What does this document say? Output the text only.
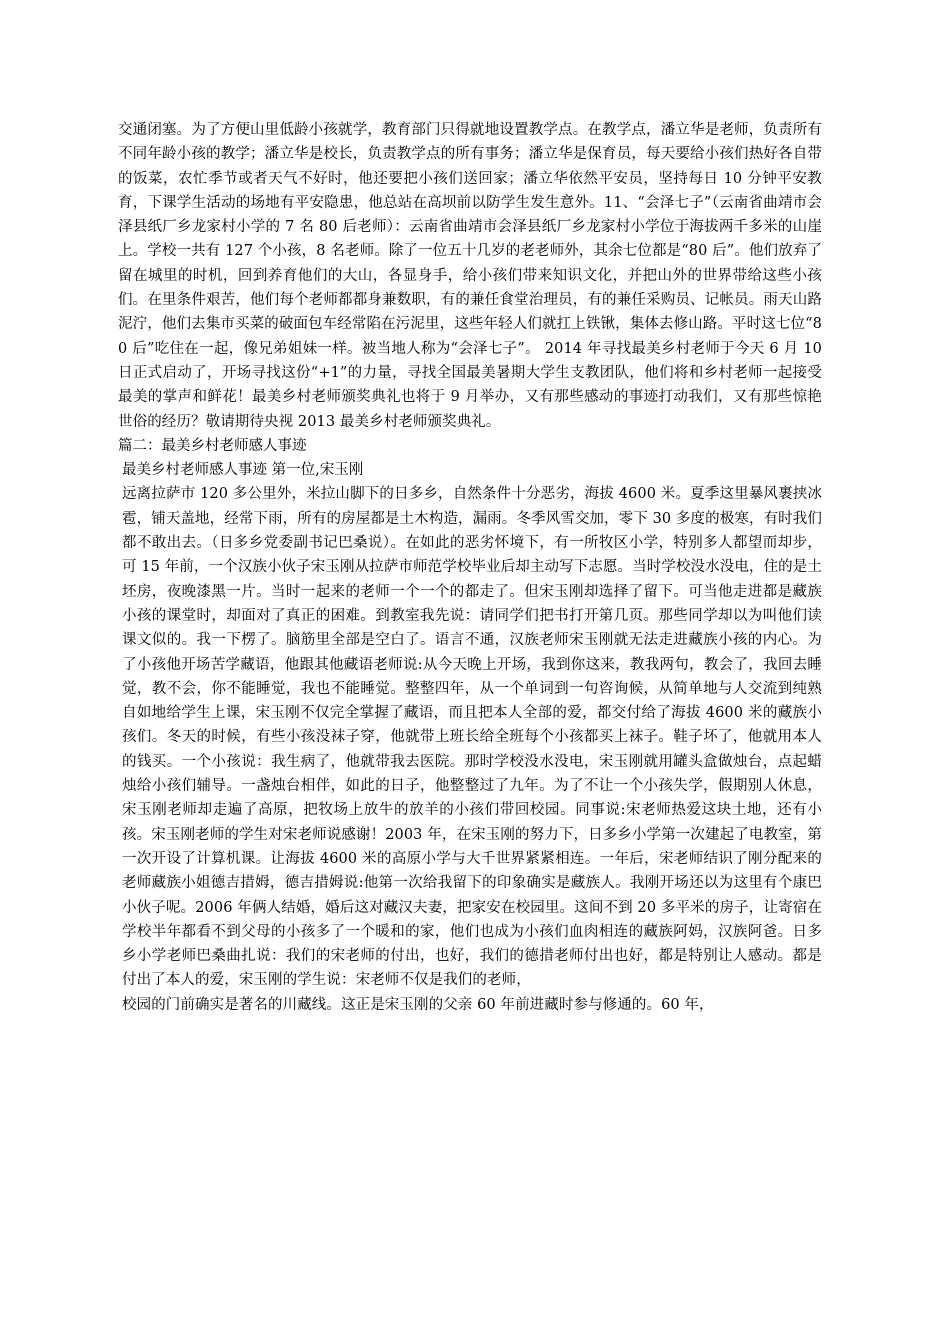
交通闭塞。为了方便山里低龄小孩就学，教育部门只得就地设置教学点。在教学点，潘立华是老师，负责所有不同年龄小孩的教学；潘立华是校长，负责教学点的所有事务；潘立华是保育员，每天要给小孩们热好各自带的饭菜，农忙季节或者天气不好时，他还要把小孩们送回家；潘立华依然平安员，坚持每日 10 分钟平安教育，下课学生活动的场地有平安隐患，他总站在高坝前以防学生发生意外。11、“会泽七子”（云南省曲靖市会泽县纸厂乡龙家村小学的 7 名 80 后老师）：云南省曲靖市会泽县纸厂乡龙家村小学位于海拔两千多米的山崖上。学校一共有 127 个小孩，8 名老师。除了一位五十几岁的老老师外，其余七位都是“80 后”。他们放弃了留在城里的时机，回到养育他们的大山，各显身手，给小孩们带来知识文化，并把山外的世界带给这些小孩们。在里条件艰苦，他们每个老师都都身兼数职，有的兼任食堂治理员，有的兼任采购员、记帐员。雨天山路泥泞，他们去集市买菜的破面包车经常陷在污泥里，这些年轻人们就扛上铁锹，集体去修山路。平时这七位“80 后”吃住在一起，像兄弟姐妹一样。被当地人称为“会泽七子”。 2014 年寻找最美乡村老师于今天 6 月 10 日正式启动了，开场寻找这份“+1”的力量，寻找全国最美暑期大学生支教团队，他们将和乡村老师一起接受最美的掌声和鲜花！最美乡村老师颁奖典礼也将于 9 月举办，又有那些感动的事迹打动我们，又有那些惊艳世俗的经历？敬请期待央视 2013 最美乡村老师颁奖典礼。

篇二：最美乡村老师感人事迹

最美乡村老师感人事迹 第一位,宋玉刚

远离拉萨市 120 多公里外，米拉山脚下的日多乡，自然条件十分恶劣，海拔 4600 米。夏季这里暴风裹挟冰雹，铺天盖地，经常下雨，所有的房屋都是土木构造，漏雨。冬季风雪交加，零下 30 多度的极寒，有时我们都不敢出去。（日多乡党委副书记巴桑说）。在如此的恶劣怀境下，有一所牧区小学，特别多人都望而却步，可 15 年前，一个汉族小伙子宋玉刚从拉萨市师范学校毕业后却主动写下志愿。当时学校没水没电，住的是土坯房，夜晚漆黑一片。当时一起来的老师一个一个的都走了。但宋玉刚却选择了留下。可当他走进都是藏族小孩的课堂时，却面对了真正的困难。到教室我先说：请同学们把书打开第几页。那些同学却以为叫他们读课文似的。我一下楞了。脑筋里全部是空白了。语言不通，汉族老师宋玉刚就无法走进藏族小孩的内心。为了小孩他开场苦学藏语，他跟其他藏语老师说:从今天晚上开场，我到你这来，教我两句，教会了，我回去睡觉，教不会，你不能睡觉，我也不能睡觉。整整四年，从一个单词到一句咨询候，从简单地与人交流到纯熟自如地给学生上课，宋玉刚不仅完全掌握了藏语，而且把本人全部的爱，都交付给了海拔 4600 米的藏族小孩们。冬天的时候，有些小孩没袜子穿，他就带上班长给全班每个小孩都买上袜子。鞋子坏了，他就用本人的钱买。一个小孩说：我生病了，他就带我去医院。那时学校没水没电，宋玉刚就用罐头盒做烛台，点起蜡烛给小孩们辅导。一盏烛台相伴，如此的日子，他整整过了九年。为了不让一个小孩失学，假期别人休息，宋玉刚老师却走遍了高原，把牧场上放牛的放羊的小孩们带回校园。同事说:宋老师热爱这块土地，还有小孩。宋玉刚老师的学生对宋老师说感谢！2003 年，在宋玉刚的努力下，日多乡小学第一次建起了电教室，第一次开设了计算机课。让海拔 4600 米的高原小学与大千世界紧紧相连。一年后，宋老师结识了刚分配来的老师藏族小姐德吉措姆，德吉措姆说:他第一次给我留下的印象确实是藏族人。我刚开场还以为这里有个康巴小伙子呢。2006 年俩人结婚，婚后这对藏汉夫妻，把家安在校园里。这间不到 20 多平米的房子，让寄宿在学校半年都看不到父母的小孩多了一个暖和的家，他们也成为小孩们血肉相连的藏族阿妈，汉族阿爸。日多乡小学老师巴桑曲扎说：我们的宋老师的付出，也好，我们的德措老师付出也好，都是特别让人感动。都是付出了本人的爱，宋玉刚的学生说：宋老师不仅是我们的老师，

校园的门前确实是著名的川藏线。这正是宋玉刚的父亲 60 年前进藏时参与修通的。60 年，
